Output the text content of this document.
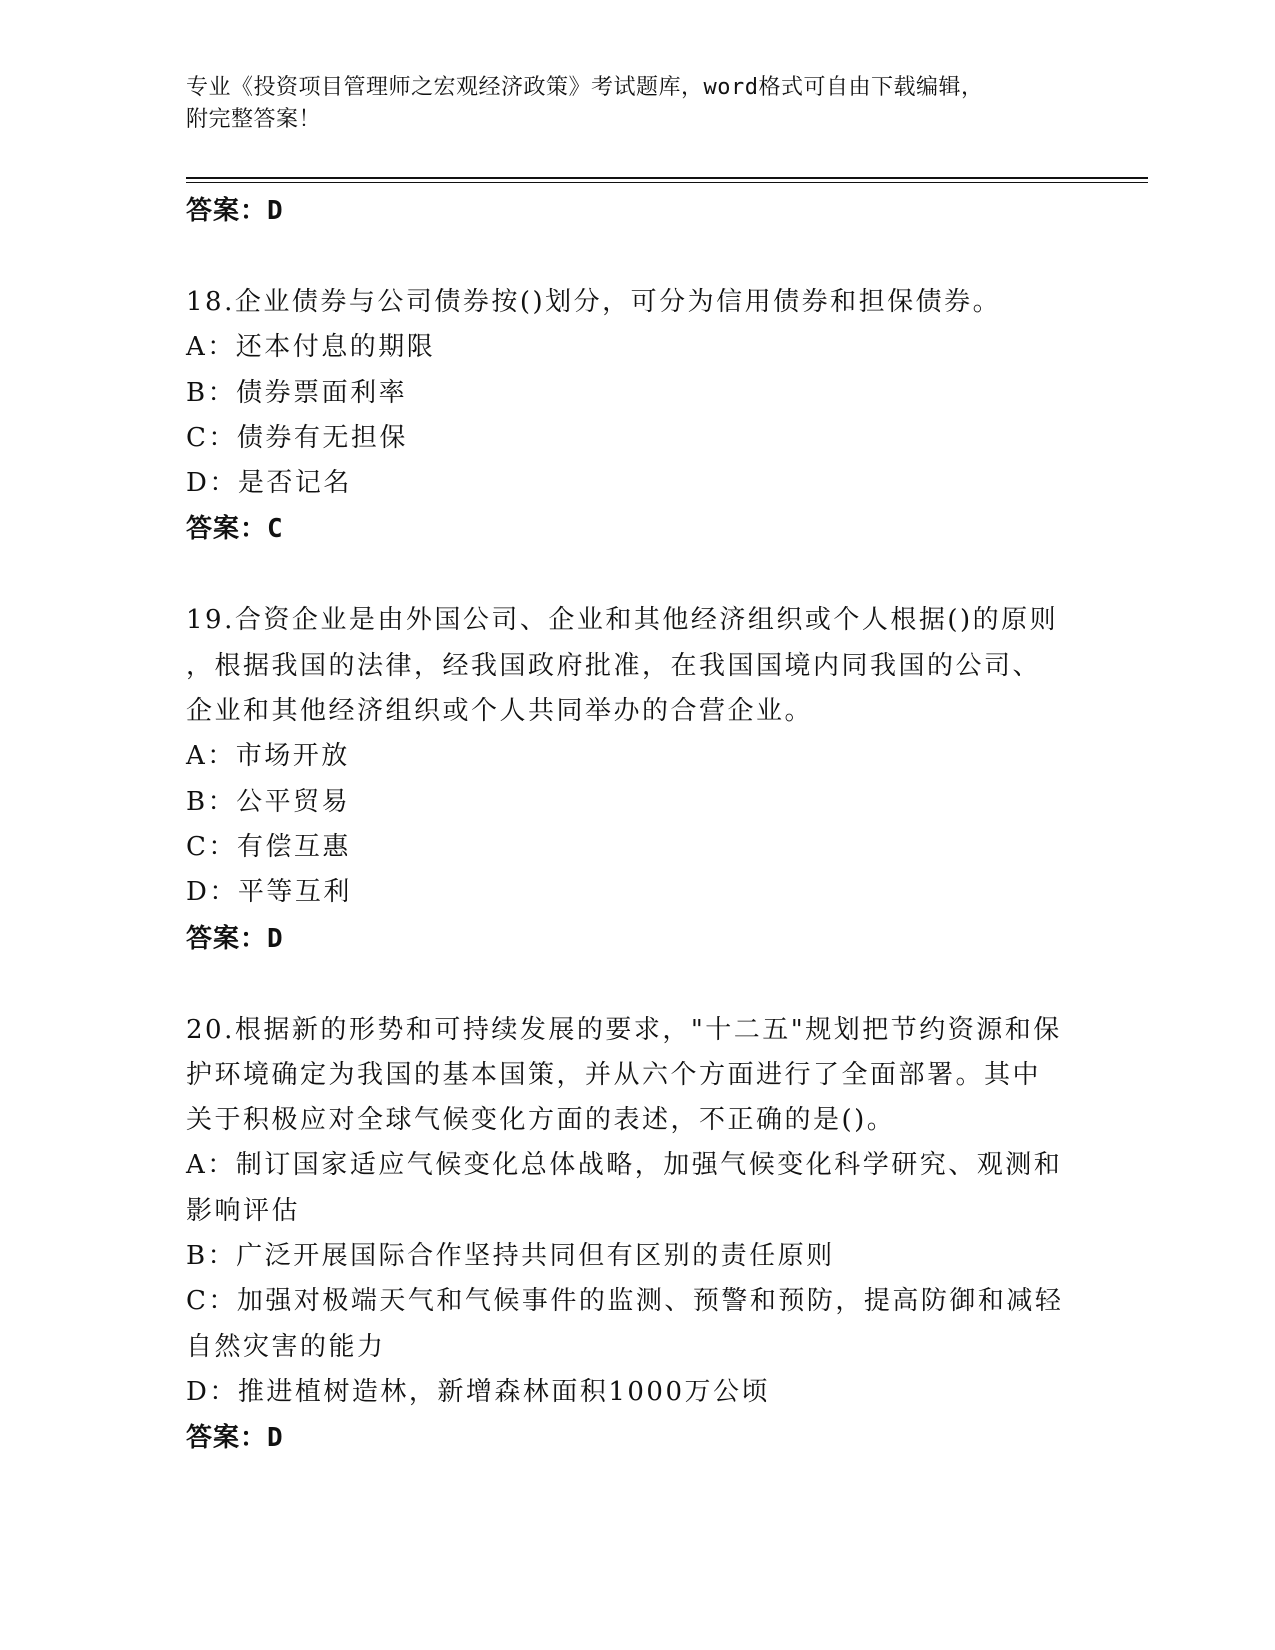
专业《投资项目管理师之宏观经济政策》考试题库，word格式可自由下载编辑，
附完整答案！
答案：D
18.企业债券与公司债券按()划分，可分为信用债券和担保债券。
A：还本付息的期限
B：债券票面利率
C：债券有无担保
D：是否记名
答案：C
19.合资企业是由外国公司、企业和其他经济组织或个人根据()的原则
，根据我国的法律，经我国政府批准，在我国国境内同我国的公司、
企业和其他经济组织或个人共同举办的合营企业。
A：市场开放
B：公平贸易
C：有偿互惠
D：平等互利
答案：D
20.根据新的形势和可持续发展的要求，"十二五"规划把节约资源和保
护环境确定为我国的基本国策，并从六个方面进行了全面部署。其中
关于积极应对全球气候变化方面的表述，不正确的是()。
A：制订国家适应气候变化总体战略，加强气候变化科学研究、观测和
影响评估
B：广泛开展国际合作坚持共同但有区别的责任原则
C：加强对极端天气和气候事件的监测、预警和预防，提高防御和减轻
自然灾害的能力
D：推进植树造林，新增森林面积1000万公顷
答案：D
